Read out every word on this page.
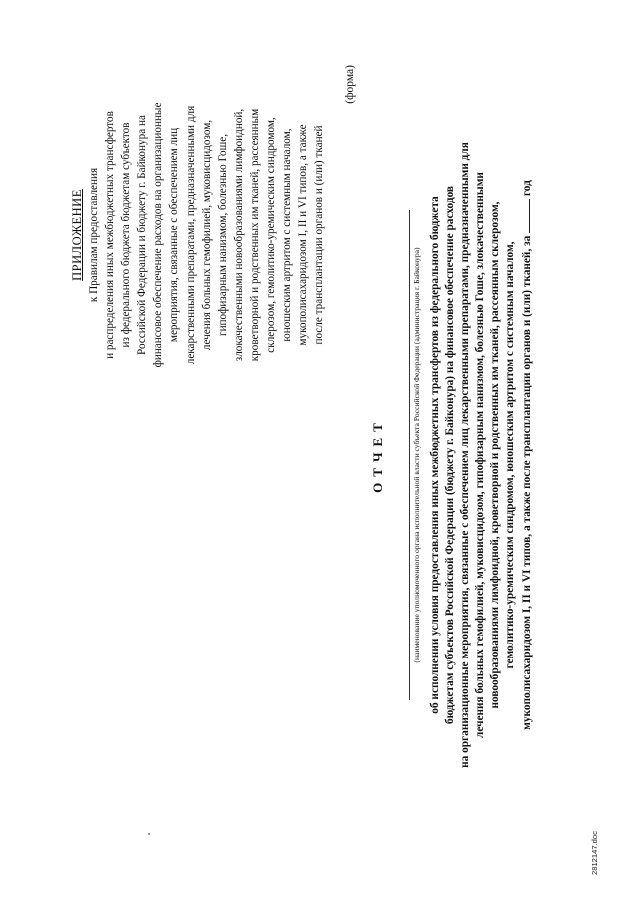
ПРИЛОЖЕНИЕ к Правилам предоставления и распределения иных межбюджетных трансфертов из федерального бюджета бюджетам субъектов Российской Федерации и бюджету г. Байконура на финансовое обеспечение расходов на организационные мероприятия, связанные с обеспечением лиц лекарственными препаратами, предназначенными для лечения больных гемофилией, муковисцидозом, гипофизарным нанизмом, болезнью Гоше, злокачественными новообразованиями лимфоидной, кроветворной и родственных им тканей, рассеянным склерозом, гемолитико-уремическим синдромом, юношеским артритом с системным началом, мукополисахаридозом I, II и VI типов, а также после трансплантации органов и (или) тканей
(форма)
ОТЧЕТ	(наименование уполномоченного органа исполнительной власти субъекта Российской Федерации (администрация г. Байконура) об исполнении условия предоставления иных межбюджетных трансфертов из федерального бюджета бюджетам субъектов Российской Федерации (бюджету г. Байконура) на финансовое обеспечение расходов на организационные мероприятия, связанные с обеспечением лиц лекарственными препаратами, предназначенными для лечения больных гемофилией, муковисцидозом, гипофизарным нанизмом, болезнью Гоше, злокачественными новообразованиями лимфоидной, кроветворной и родственных им тканей, рассеянным склерозом, гемолитико-уремическим синдромом, юношеским артритом с системным началом, мукополисахаридозом I, II и VI типов, а также после трансплантации органов и (или) тканей, за  год
2812147.doc
